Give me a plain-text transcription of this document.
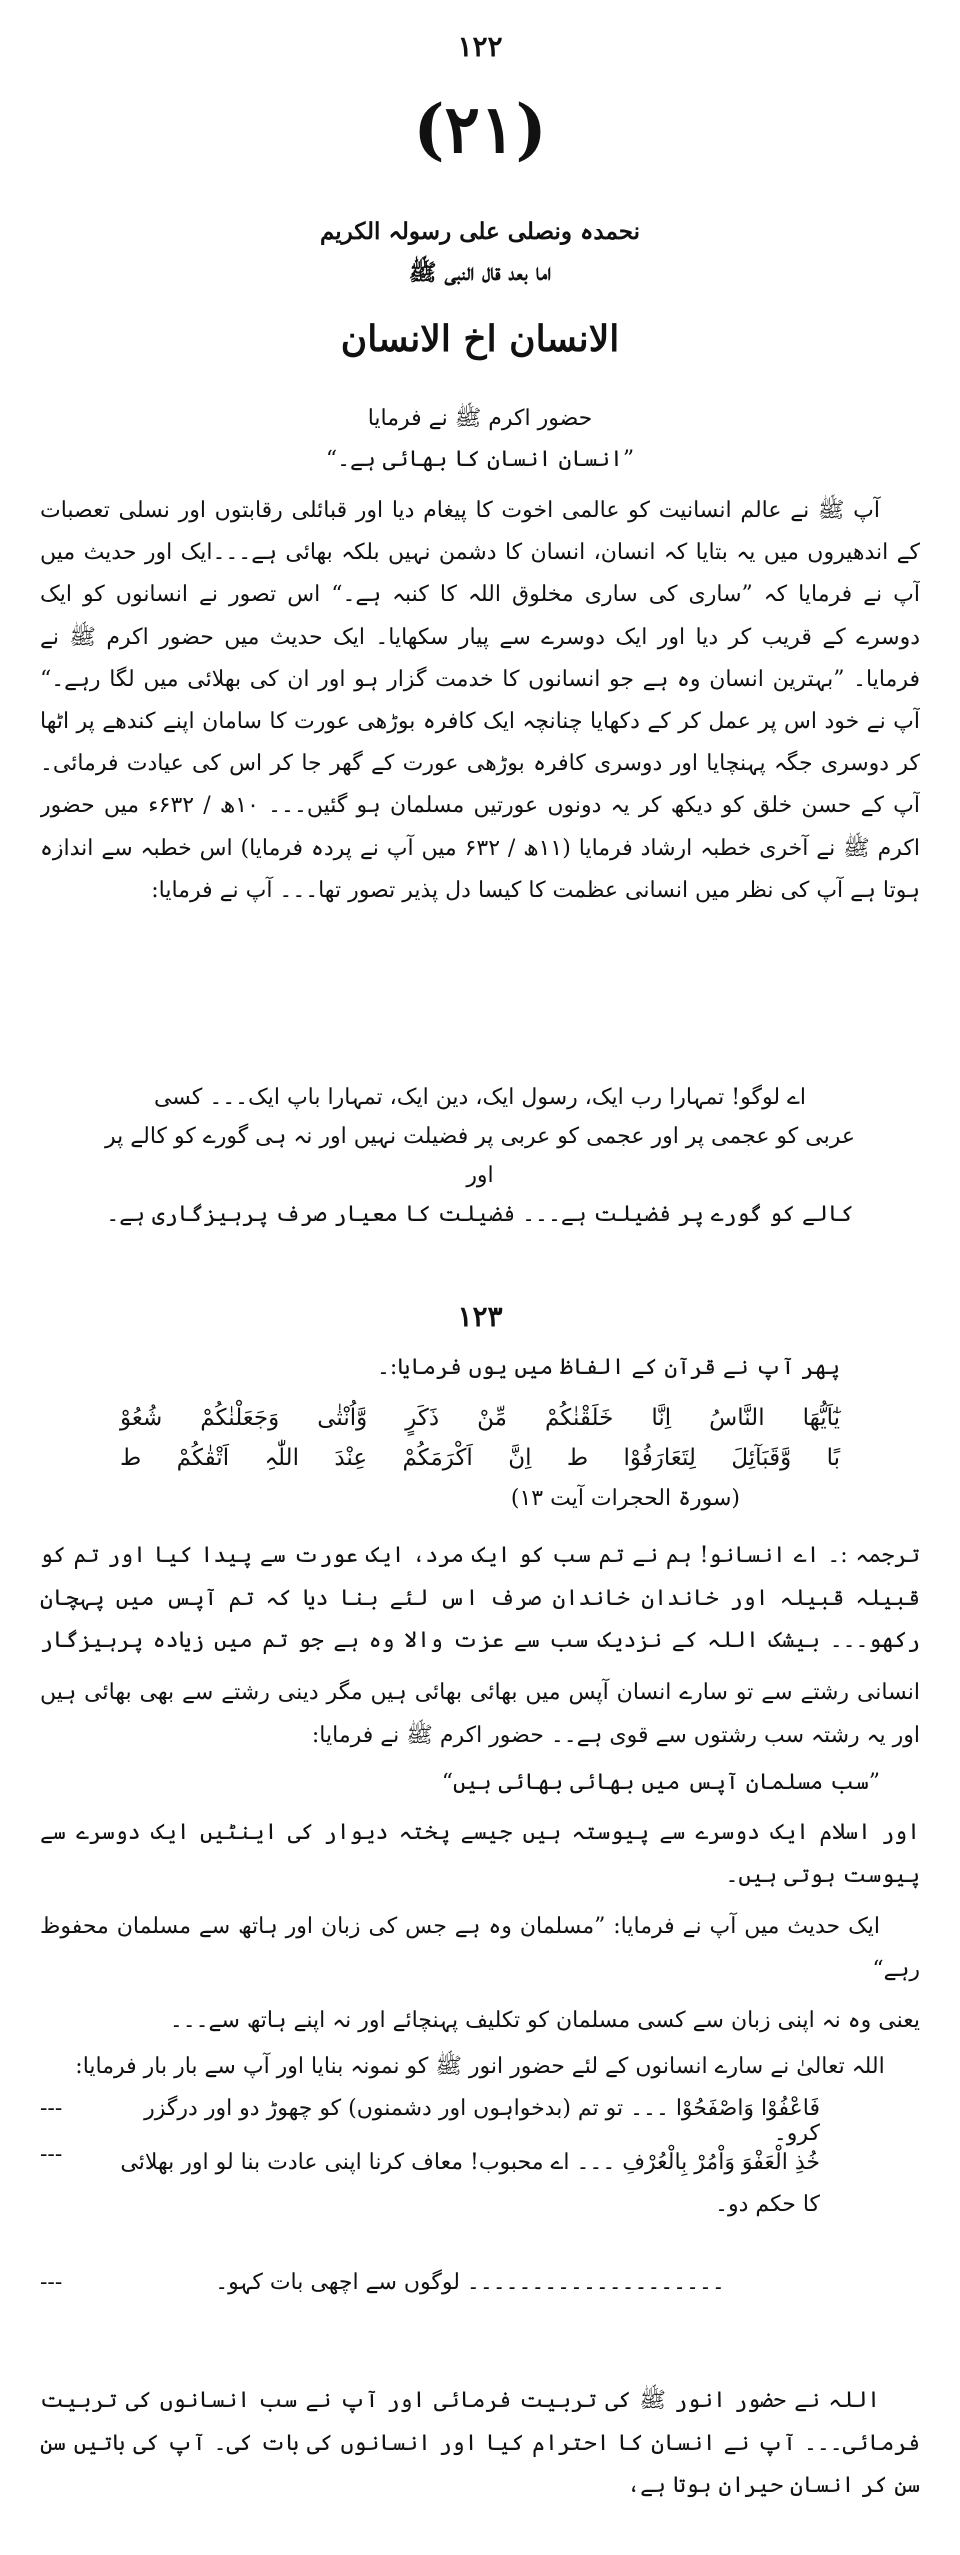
۱۲۲
(۲۱)
نحمدہ ونصلی علی رسولہ الکریم
اما بعد قال النبی ﷺ
الانسان اخ الانسان
حضور اکرم ﷺ نے فرمایا
”انسان انسان کا بھائی ہے۔“
آپ ﷺ نے عالم انسانیت کو عالمی اخوت کا پیغام دیا اور قبائلی رقابتوں اور نسلی تعصبات کے اندھیروں میں یہ بتایا کہ انسان، انسان کا دشمن نہیں بلکہ بھائی ہے۔۔۔ایک اور حدیث میں آپ نے فرمایا کہ ”ساری کی ساری مخلوق اللہ کا کنبہ ہے۔“ اس تصور نے انسانوں کو ایک دوسرے کے قریب کر دیا اور ایک دوسرے سے پیار سکھایا۔ ایک حدیث میں حضور اکرم ﷺ نے فرمایا۔ ”بہترین انسان وہ ہے جو انسانوں کا خدمت گزار ہو اور ان کی بھلائی میں لگا رہے۔“ آپ نے خود اس پر عمل کر کے دکھایا چنانچہ ایک کافرہ بوڑھی عورت کا سامان اپنے کندھے پر اٹھا کر دوسری جگہ پہنچایا اور دوسری کافرہ بوڑھی عورت کے گھر جا کر اس کی عیادت فرمائی۔ آپ کے حسن خلق کو دیکھ کر یہ دونوں عورتیں مسلمان ہو گئیں۔۔۔ ۱۰ھ / ۶۳۲ء میں حضور اکرم ﷺ نے آخری خطبہ ارشاد فرمایا (۱۱ھ / ۶۳۲ میں آپ نے پردہ فرمایا) اس خطبہ سے اندازہ ہوتا ہے آپ کی نظر میں انسانی عظمت کا کیسا دل پذیر تصور تھا۔۔۔ آپ نے فرمایا:
اے لوگو! تمہارا رب ایک، رسول ایک، دین ایک، تمہارا باپ ایک۔۔۔ کسی
عربی کو عجمی پر اور عجمی کو عربی پر فضیلت نہیں اور نہ ہی گورے کو کالے پر اور
کالے کو گورے پر فضیلت ہے۔۔۔ فضیلت کا معیار صرف پرہیزگاری ہے۔
۱۲۳
پھر آپ نے قرآن کے الفاظ میں یوں فرمایا:۔
یٰٓاَیُّھَا النَّاسُ اِنَّا خَلَقْنٰکُمْ مِّنْ ذَکَرٍ وَّاُنْثٰی وَجَعَلْنٰکُمْ شُعُوْ
بًا وَّقَبَآئِلَ لِتَعَارَفُوْا ط اِنَّ اَکْرَمَکُمْ عِنْدَ اللّٰہِ اَتْقٰکُمْ ط
(سورۃ الحجرات آیت ۱۳)
ترجمہ :۔ اے انسانو! ہم نے تم سب کو ایک مرد، ایک عورت سے پیدا کیا اور تم کو قبیلہ قبیلہ اور خاندان خاندان صرف اس لئے بنا دیا کہ تم آپس میں پہچان رکھو۔۔۔ بیشک اللہ کے نزدیک سب سے عزت والا وہ ہے جو تم میں زیادہ پرہیزگار
انسانی رشتے سے تو سارے انسان آپس میں بھائی بھائی ہیں مگر دینی رشتے سے بھی بھائی ہیں اور یہ رشتہ سب رشتوں سے قوی ہے۔۔ حضور اکرم ﷺ نے فرمایا:
”سب مسلمان آپس میں بھائی بھائی ہیں“
اور اسلام ایک دوسرے سے پیوستہ ہیں جیسے پختہ دیوار کی اینٹیں ایک دوسرے سے پیوست ہوتی ہیں۔
ایک حدیث میں آپ نے فرمایا: ”مسلمان وہ ہے جس کی زبان اور ہاتھ سے مسلمان محفوظ رہے“
یعنی وہ نہ اپنی زبان سے کسی مسلمان کو تکلیف پہنچائے اور نہ اپنے ہاتھ سے۔۔۔
اللہ تعالیٰ نے سارے انسانوں کے لئے حضور انور ﷺ کو نمونہ بنایا اور آپ سے بار بار فرمایا:
---	فَاعْفُوْا وَاصْفَحُوْا ۔۔۔ تو تم (بدخواہوں اور دشمنوں) کو چھوڑ دو اور درگزر کرو۔
---	خُذِ الْعَفْوَ وَاْمُرْ بِالْعُرْفِ ۔۔۔ اے محبوب! معاف کرنا اپنی عادت بنا لو اور بھلائی کا حکم دو۔
---	۔۔۔۔۔۔۔۔۔۔۔۔۔۔۔۔۔۔۔۔ لوگوں سے اچھی بات کہو۔
اللہ نے حضور انور ﷺ کی تربیت فرمائی اور آپ نے سب انسانوں کی تربیت فرمائی۔۔۔ آپ نے انسان کا احترام کیا اور انسانوں کی بات کی۔ آپ کی باتیں سن سن کر انسان حیران ہوتا ہے،
